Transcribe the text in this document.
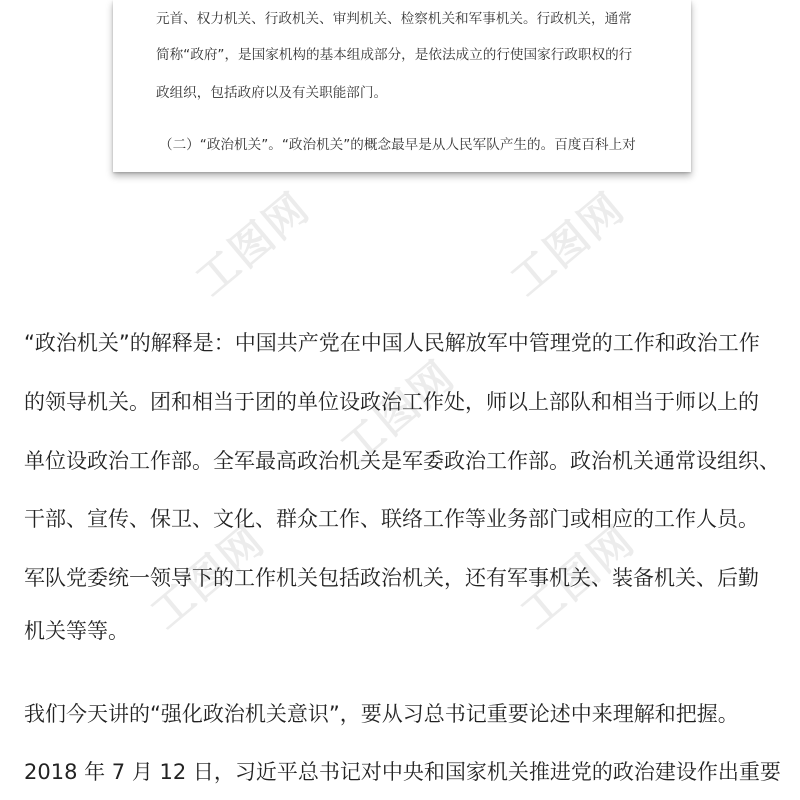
元首、权力机关、行政机关、审判机关、检察机关和军事机关。行政机关，通常

简称“政府”，是国家机构的基本组成部分，是依法成立的行使国家行政职权的行

政组织，包括政府以及有关职能部门。

（二）“政治机关”。“政治机关”的概念最早是从人民军队产生的。百度百科上对

工图网	工图网
工图网	工图网
工图网

“政治机关”的解释是：中国共产党在中国人民解放军中管理党的工作和政治工作

的领导机关。团和相当于团的单位设政治工作处，师以上部队和相当于师以上的

单位设政治工作部。全军最高政治机关是军委政治工作部。政治机关通常设组织、

干部、宣传、保卫、文化、群众工作、联络工作等业务部门或相应的工作人员。

军队党委统一领导下的工作机关包括政治机关，还有军事机关、装备机关、后勤

机关等等。

我们今天讲的“强化政治机关意识”，要从习总书记重要论述中来理解和把握。

2018 年 7 月 12 日，习近平总书记对中央和国家机关推进党的政治建设作出重要
